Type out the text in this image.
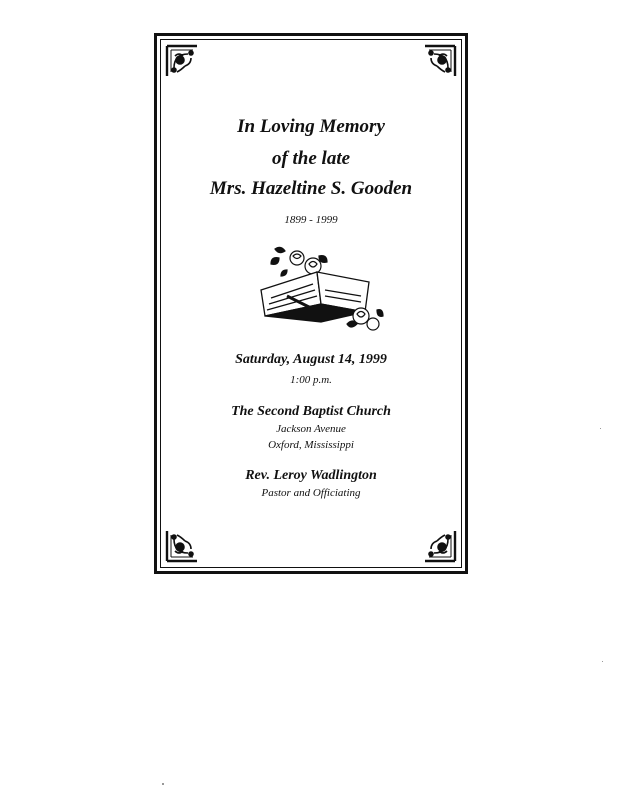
In Loving Memory
of the late
Mrs. Hazeltine S. Gooden
1899 - 1999
Saturday, August 14, 1999
1:00 p.m.
The Second Baptist Church
Jackson Avenue
Oxford, Mississippi
Rev. Leroy Wadlington
Pastor and Officiating
